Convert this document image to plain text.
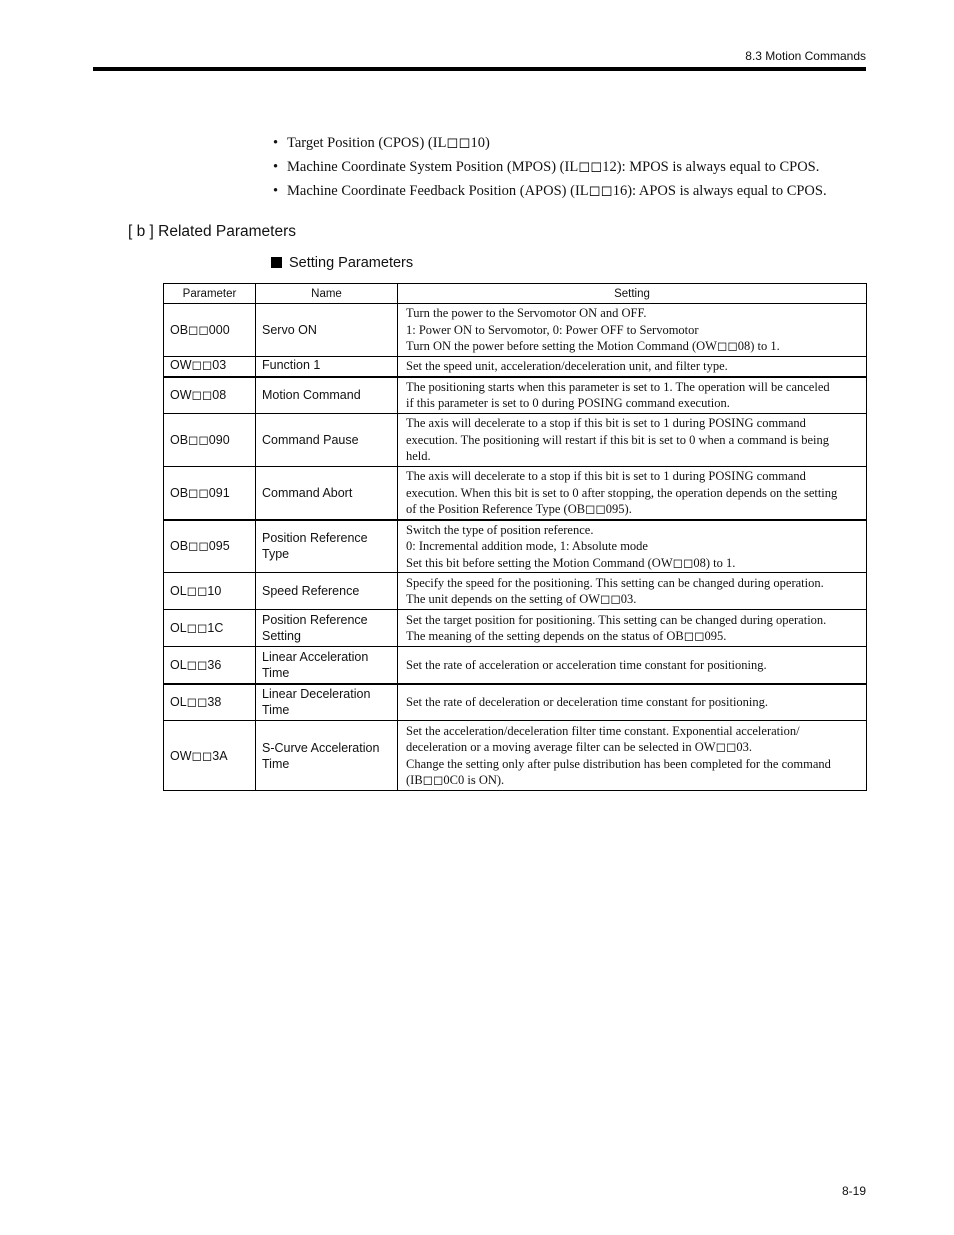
8.3 Motion Commands
• Target Position (CPOS) (IL◻◻10)
• Machine Coordinate System Position (MPOS) (IL◻◻12): MPOS is always equal to CPOS.
• Machine Coordinate Feedback Position (APOS) (IL◻◻16): APOS is always equal to CPOS.
[ b ] Related Parameters
Setting Parameters
Parameter	Name	Setting
OB◻◻000	Servo ON	Turn the power to the Servomotor ON and OFF.
1: Power ON to Servomotor, 0: Power OFF to Servomotor
Turn ON the power before setting the Motion Command (OW◻◻08) to 1.

OW◻◻03	Function 1	Set the speed unit, acceleration/deceleration unit, and filter type.

OW◻◻08	Motion Command	The positioning starts when this parameter is set to 1. The operation will be canceled
if this parameter is set to 0 during POSING command execution.

OB◻◻090	Command Pause	The axis will decelerate to a stop if this bit is set to 1 during POSING command
execution. The positioning will restart if this bit is set to 0 when a command is being
held.

OB◻◻091	Command Abort	The axis will decelerate to a stop if this bit is set to 1 during POSING command
execution. When this bit is set to 0 after stopping, the operation depends on the setting
of the Position Reference Type (OB◻◻095).

OB◻◻095	Position Reference Type	Switch the type of position reference.
0: Incremental addition mode, 1: Absolute mode
Set this bit before setting the Motion Command (OW◻◻08) to 1.

OL◻◻10	Speed Reference	Specify the speed for the positioning. This setting can be changed during operation.
The unit depends on the setting of OW◻◻03.

OL◻◻1C	Position Reference Setting	Set the target position for positioning. This setting can be changed during operation.
The meaning of the setting depends on the status of OB◻◻095.

OL◻◻36	Linear Acceleration Time	Set the rate of acceleration or acceleration time constant for positioning.

OL◻◻38	Linear Deceleration Time	Set the rate of deceleration or deceleration time constant for positioning.

OW◻◻3A	S-Curve Acceleration Time	Set the acceleration/deceleration filter time constant. Exponential acceleration/
deceleration or a moving average filter can be selected in OW◻◻03.
Change the setting only after pulse distribution has been completed for the command
(IB◻◻0C0 is ON).
8-19
